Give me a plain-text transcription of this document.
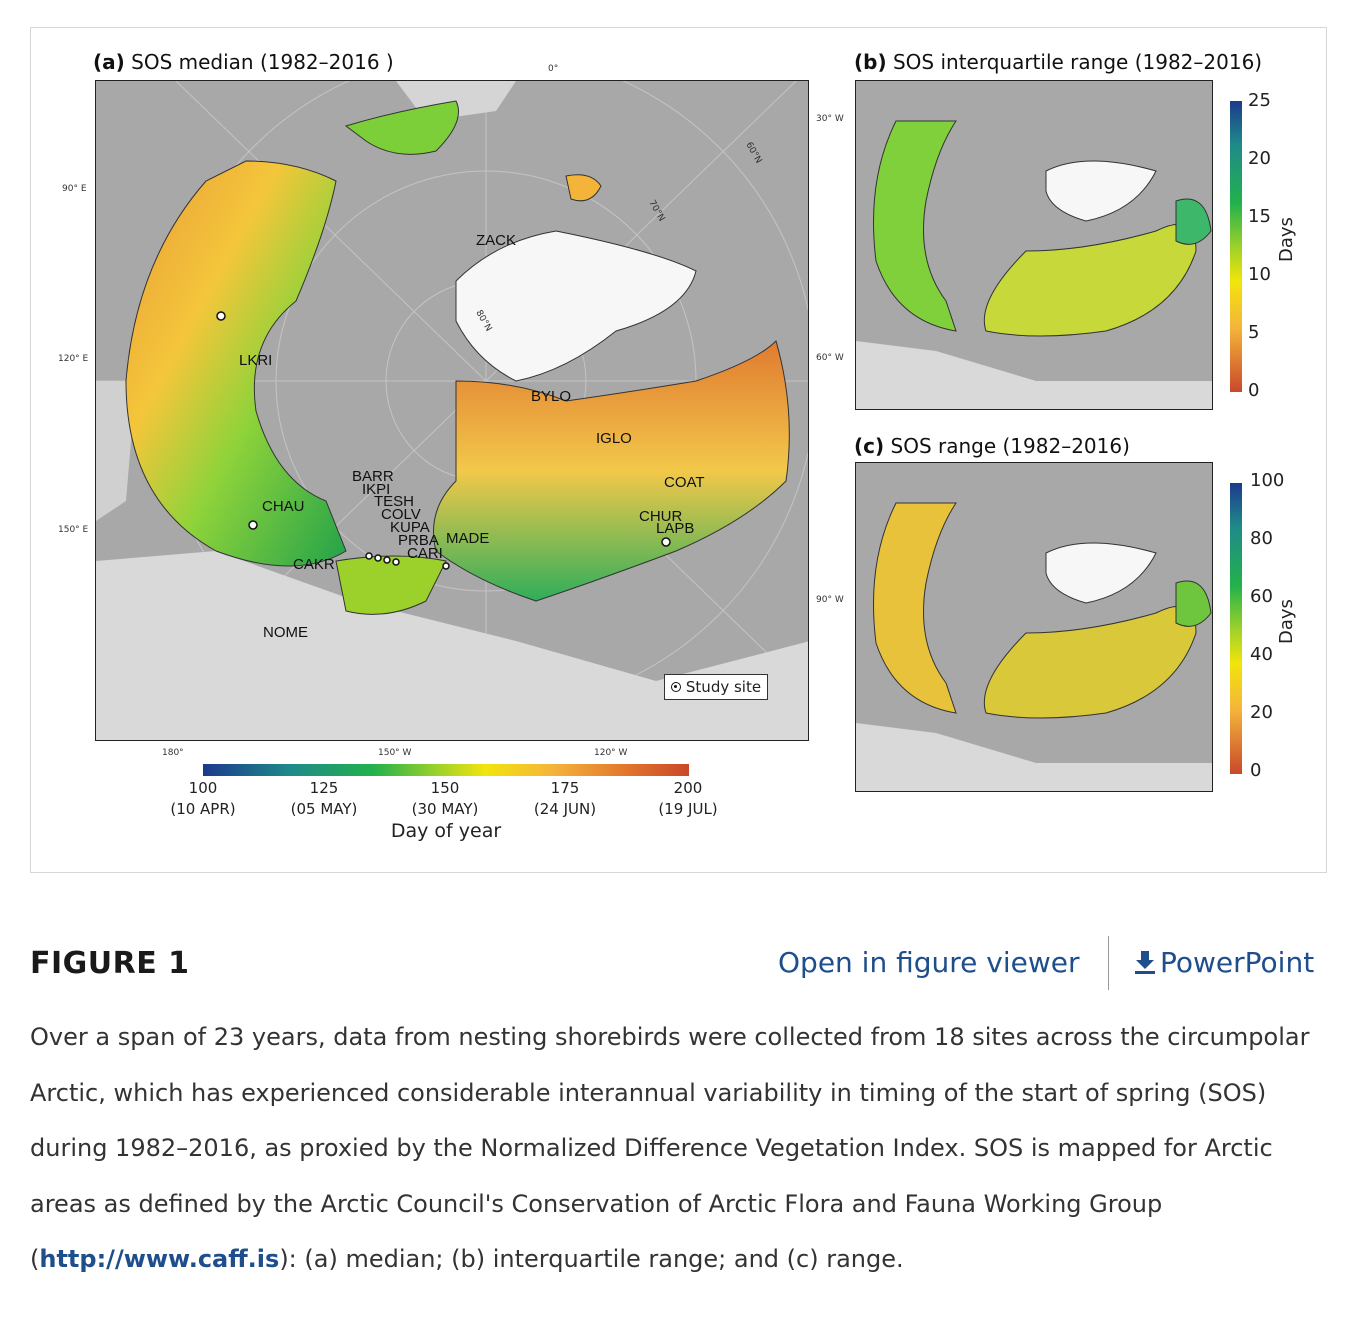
(a) SOS median (1982–2016 )
ZACK
LKRI
BYLO
IGLO
COAT
BARR
IKPI
TESH
COLV
KUPA
PRBA
CARI
MADE
CHUR
LAPB
CHAU
CAKR
NOME
Study site
0°
30° W
60° W
90° W
90° E
120° E
150° E
180°	150° W	120° W
60°N
70°N
80°N
100
(10 APR)
125
(05 MAY)
150
(30 MAY)
175
(24 JUN)
200
(19 JUL)
Day of year
(b) SOS interquartile range (1982–2016)
25
20
15
10
5
0
Days
(c) SOS range (1982–2016)
100
80
60
40
20
0
Days
FIGURE 1	Open in figure viewer	PowerPoint
Over a span of 23 years, data from nesting shorebirds were collected from 18 sites across the circumpolar Arctic, which has experienced considerable interannual variability in timing of the start of spring (SOS) during 1982–2016, as proxied by the Normalized Difference Vegetation Index. SOS is mapped for Arctic areas as defined by the Arctic Council's Conservation of Arctic Flora and Fauna Working Group (http://www.caff.is): (a) median; (b) interquartile range; and (c) range.
